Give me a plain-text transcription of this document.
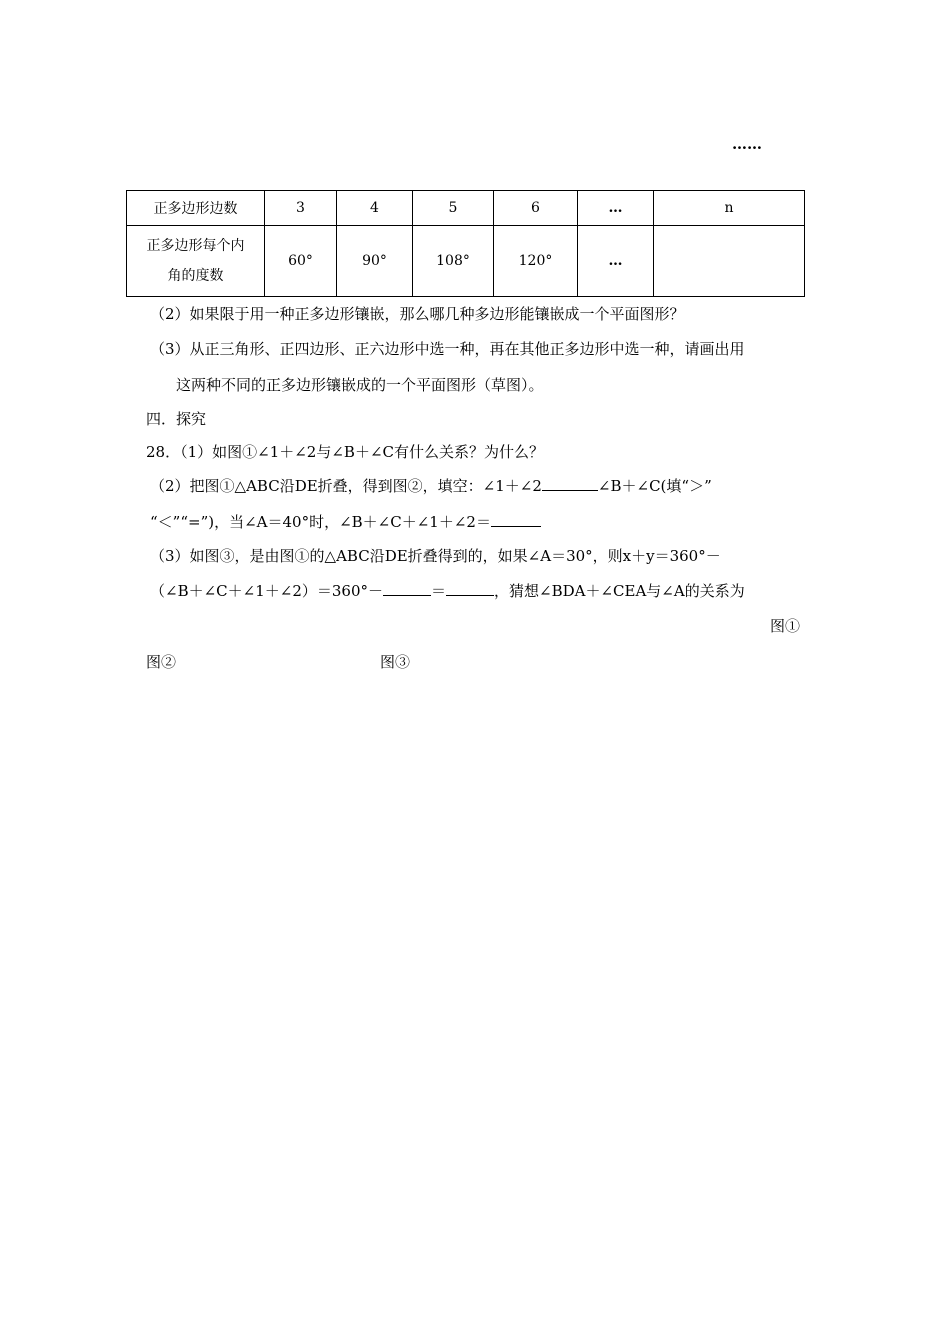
……
正多边形边数	3	4	5	6	…	n

正多边形每个内
角的度数	60°	90°	108°	120°	…	
（2）如果限于用一种正多边形镶嵌，那么哪几种多边形能镶嵌成一个平面图形？
（3）从正三角形、正四边形、正六边形中选一种，再在其他正多边形中选一种，请画出用
这两种不同的正多边形镶嵌成的一个平面图形（草图）。
四．探究
28．（1）如图①∠1＋∠2与∠B＋∠C有什么关系？为什么？
（2）把图①△ABC沿DE折叠，得到图②，填空：∠1＋∠2	∠B＋∠C(填“＞”
“＜”“=”)，当∠A＝40°时，∠B＋∠C＋∠1＋∠2＝
（3）如图③，是由图①的△ABC沿DE折叠得到的，如果∠A＝30°，则x＋y＝360°－
（∠B＋∠C＋∠1＋∠2）＝360°－	＝	，猜想∠BDA＋∠CEA与∠A的关系为
图①
图②	图③
